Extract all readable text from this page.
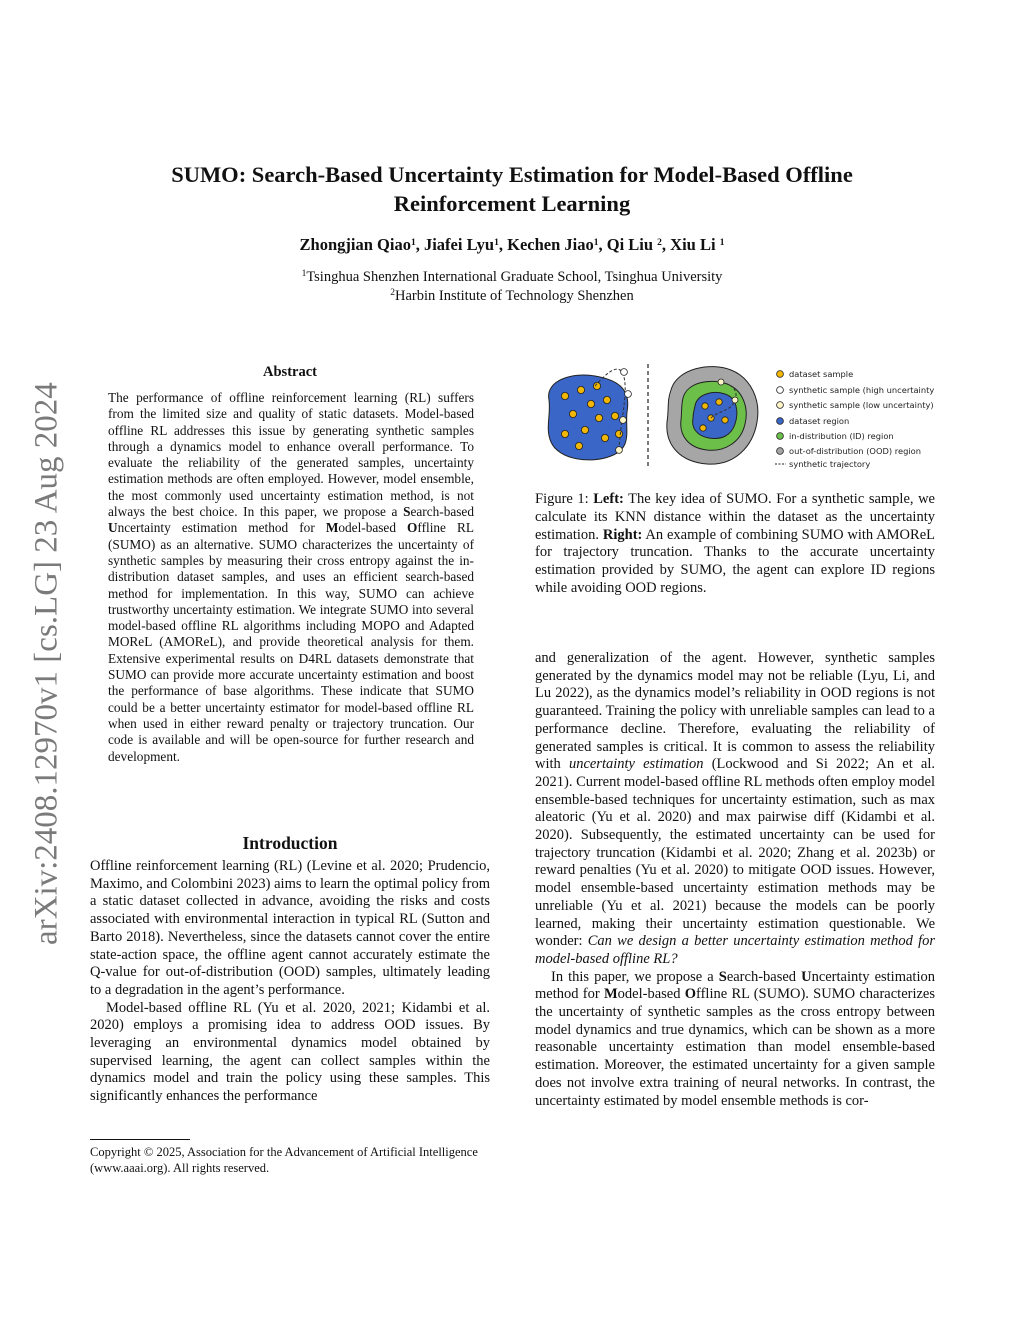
arXiv:2408.12970v1 [cs.LG] 23 Aug 2024
SUMO: Search-Based Uncertainty Estimation for Model-Based Offline
Reinforcement Learning
Zhongjian Qiao$^1$, Jiafei Lyu$^1$, Kechen Jiao$^1$, Qi Liu $^2$, Xiu Li $^1$
$^1$Tsinghua Shenzhen International Graduate School, Tsinghua University
$^2$Harbin Institute of Technology Shenzhen
Abstract

The performance of offline reinforcement learning (RL) suffers from the limited size and quality of static datasets. Model-based offline RL addresses this issue by generating synthetic samples through a dynamics model to enhance overall performance. To evaluate the reliability of the generated samples, uncertainty estimation methods are often employed. However, model ensemble, the most commonly used uncertainty estimation method, is not always the best choice. In this paper, we propose a Search-based Uncertainty estimation method for Model-based Offline RL (SUMO) as an alternative. SUMO characterizes the uncertainty of synthetic samples by measuring their cross entropy against the in-distribution dataset samples, and uses an efficient search-based method for implementation. In this way, SUMO can achieve trustworthy uncertainty estimation. We integrate SUMO into several model-based offline RL algorithms including MOPO and Adapted MOReL (AMOReL), and provide theoretical analysis for them. Extensive experimental results on D4RL datasets demonstrate that SUMO can provide more accurate uncertainty estimation and boost the performance of base algorithms. These indicate that SUMO could be a better uncertainty estimator for model-based offline RL when used in either reward penalty or trajectory truncation. Our code is available and will be open-source for further research and development.

Introduction

Offline reinforcement learning (RL) (Levine et al. 2020; Prudencio, Maximo, and Colombini 2023) aims to learn the optimal policy from a static dataset collected in advance, avoiding the risks and costs associated with environmental interaction in typical RL (Sutton and Barto 2018). Nevertheless, since the datasets cannot cover the entire state-action space, the offline agent cannot accurately estimate the Q-value for out-of-distribution (OOD) samples, ultimately leading to a degradation in the agent’s performance.

Model-based offline RL (Yu et al. 2020, 2021; Kidambi et al. 2020) employs a promising idea to address OOD issues. By leveraging an environmental dynamics model obtained by supervised learning, the agent can collect samples within the dynamics model and train the policy using these samples. This significantly enhances the performance

Copyright © 2025, Association for the Advancement of Artificial Intelligence (www.aaai.org). All rights reserved.
dataset sample
synthetic sample (high uncertainty)
synthetic sample (low uncertainty)
dataset region
in-distribution (ID) region
out-of-distribution (OOD) region
synthetic trajectory
Figure 1: Left: The key idea of SUMO. For a synthetic sample, we calculate its KNN distance within the dataset as the uncertainty estimation. Right: An example of combining SUMO with AMOReL for trajectory truncation. Thanks to the accurate uncertainty estimation provided by SUMO, the agent can explore ID regions while avoiding OOD regions.

and generalization of the agent. However, synthetic samples generated by the dynamics model may not be reliable (Lyu, Li, and Lu 2022), as the dynamics model’s reliability in OOD regions is not guaranteed. Training the policy with unreliable samples can lead to a performance decline. Therefore, evaluating the reliability of generated samples is critical. It is common to assess the reliability with uncertainty estimation (Lockwood and Si 2022; An et al. 2021). Current model-based offline RL methods often employ model ensemble-based techniques for uncertainty estimation, such as max aleatoric (Yu et al. 2020) and max pairwise diff (Kidambi et al. 2020). Subsequently, the estimated uncertainty can be used for trajectory truncation (Kidambi et al. 2020; Zhang et al. 2023b) or reward penalties (Yu et al. 2020) to mitigate OOD issues. However, model ensemble-based uncertainty estimation methods may be unreliable (Yu et al. 2021) because the models can be poorly learned, making their uncertainty estimation questionable. We wonder: Can we design a better uncertainty estimation method for model-based offline RL?

In this paper, we propose a Search-based Uncertainty estimation method for Model-based Offline RL (SUMO). SUMO characterizes the uncertainty of synthetic samples as the cross entropy between model dynamics and true dynamics, which can be shown as a more reasonable uncertainty estimation than model ensemble-based estimation. Moreover, the estimated uncertainty for a given sample does not involve extra training of neural networks. In contrast, the uncertainty estimated by model ensemble methods is cor-
